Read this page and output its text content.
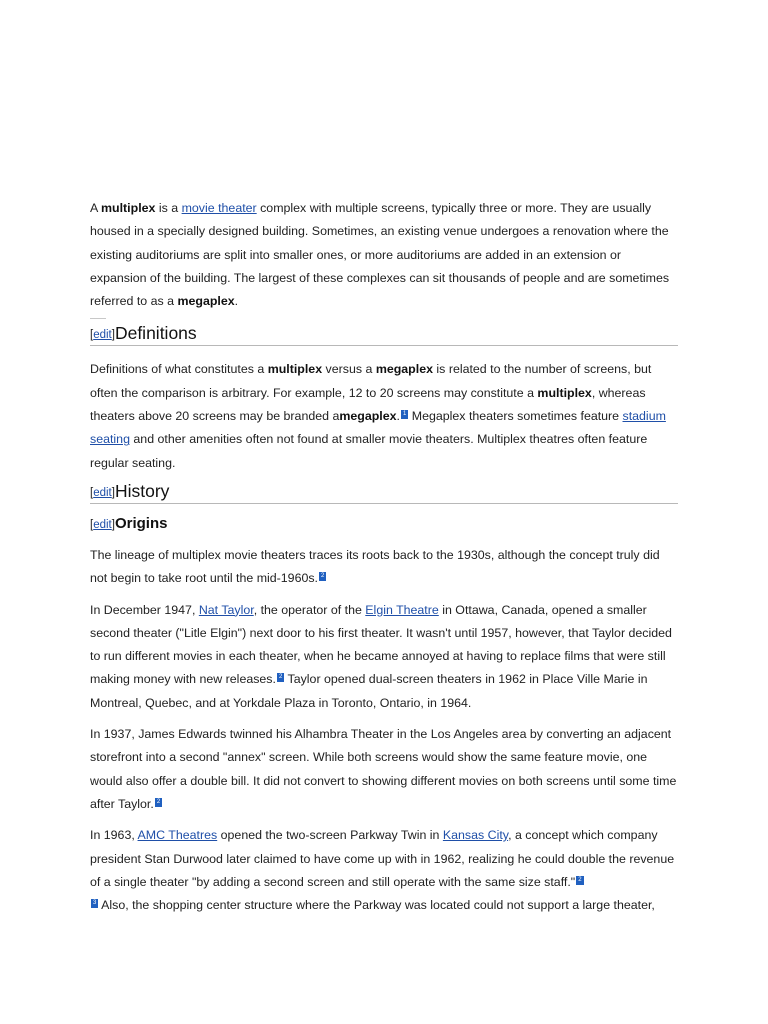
A multiplex is a movie theater complex with multiple screens, typically three or more. They are usually housed in a specially designed building. Sometimes, an existing venue undergoes a renovation where the existing auditoriums are split into smaller ones, or more auditoriums are added in an extension or expansion of the building. The largest of these complexes can sit thousands of people and are sometimes referred to as a megaplex.

[edit] Definitions

Definitions of what constitutes a multiplex versus a megaplex is related to the number of screens, but often the comparison is arbitrary. For example, 12 to 20 screens may constitute a multiplex, whereas theaters above 20 screens may be branded amegaplex. $^1$ Megaplex theaters sometimes feature stadium seating and other amenities often not found at smaller movie theaters. Multiplex theatres often feature regular seating.

[edit] History
[edit] Origins

The lineage of multiplex movie theaters traces its roots back to the 1930s, although the concept truly did not begin to take root until the mid-1960s. $^2$

In December 1947, Nat Taylor, the operator of the Elgin Theatre in Ottawa, Canada, opened a smaller second theater ("Litle Elgin") next door to his first theater. It wasn't until 1957, however, that Taylor decided to run different movies in each theater, when he became annoyed at having to replace films that were still making money with new releases. $^2$ Taylor opened dual-screen theaters in 1962 in Place Ville Marie in Montreal, Quebec, and at Yorkdale Plaza in Toronto, Ontario, in 1964.

In 1937, James Edwards twinned his Alhambra Theater in the Los Angeles area by converting an adjacent storefront into a second "annex" screen. While both screens would show the same feature movie, one would also offer a double bill. It did not convert to showing different movies on both screens until some time after Taylor. $^2$

In 1963, AMC Theatres opened the two-screen Parkway Twin in Kansas City, a concept which company president Stan Durwood later claimed to have come up with in 1962, realizing he could double the revenue of a single theater "by adding a second screen and still operate with the same size staff." $^2$
$^3$ Also, the shopping center structure where the Parkway was located could not support a large theater,
